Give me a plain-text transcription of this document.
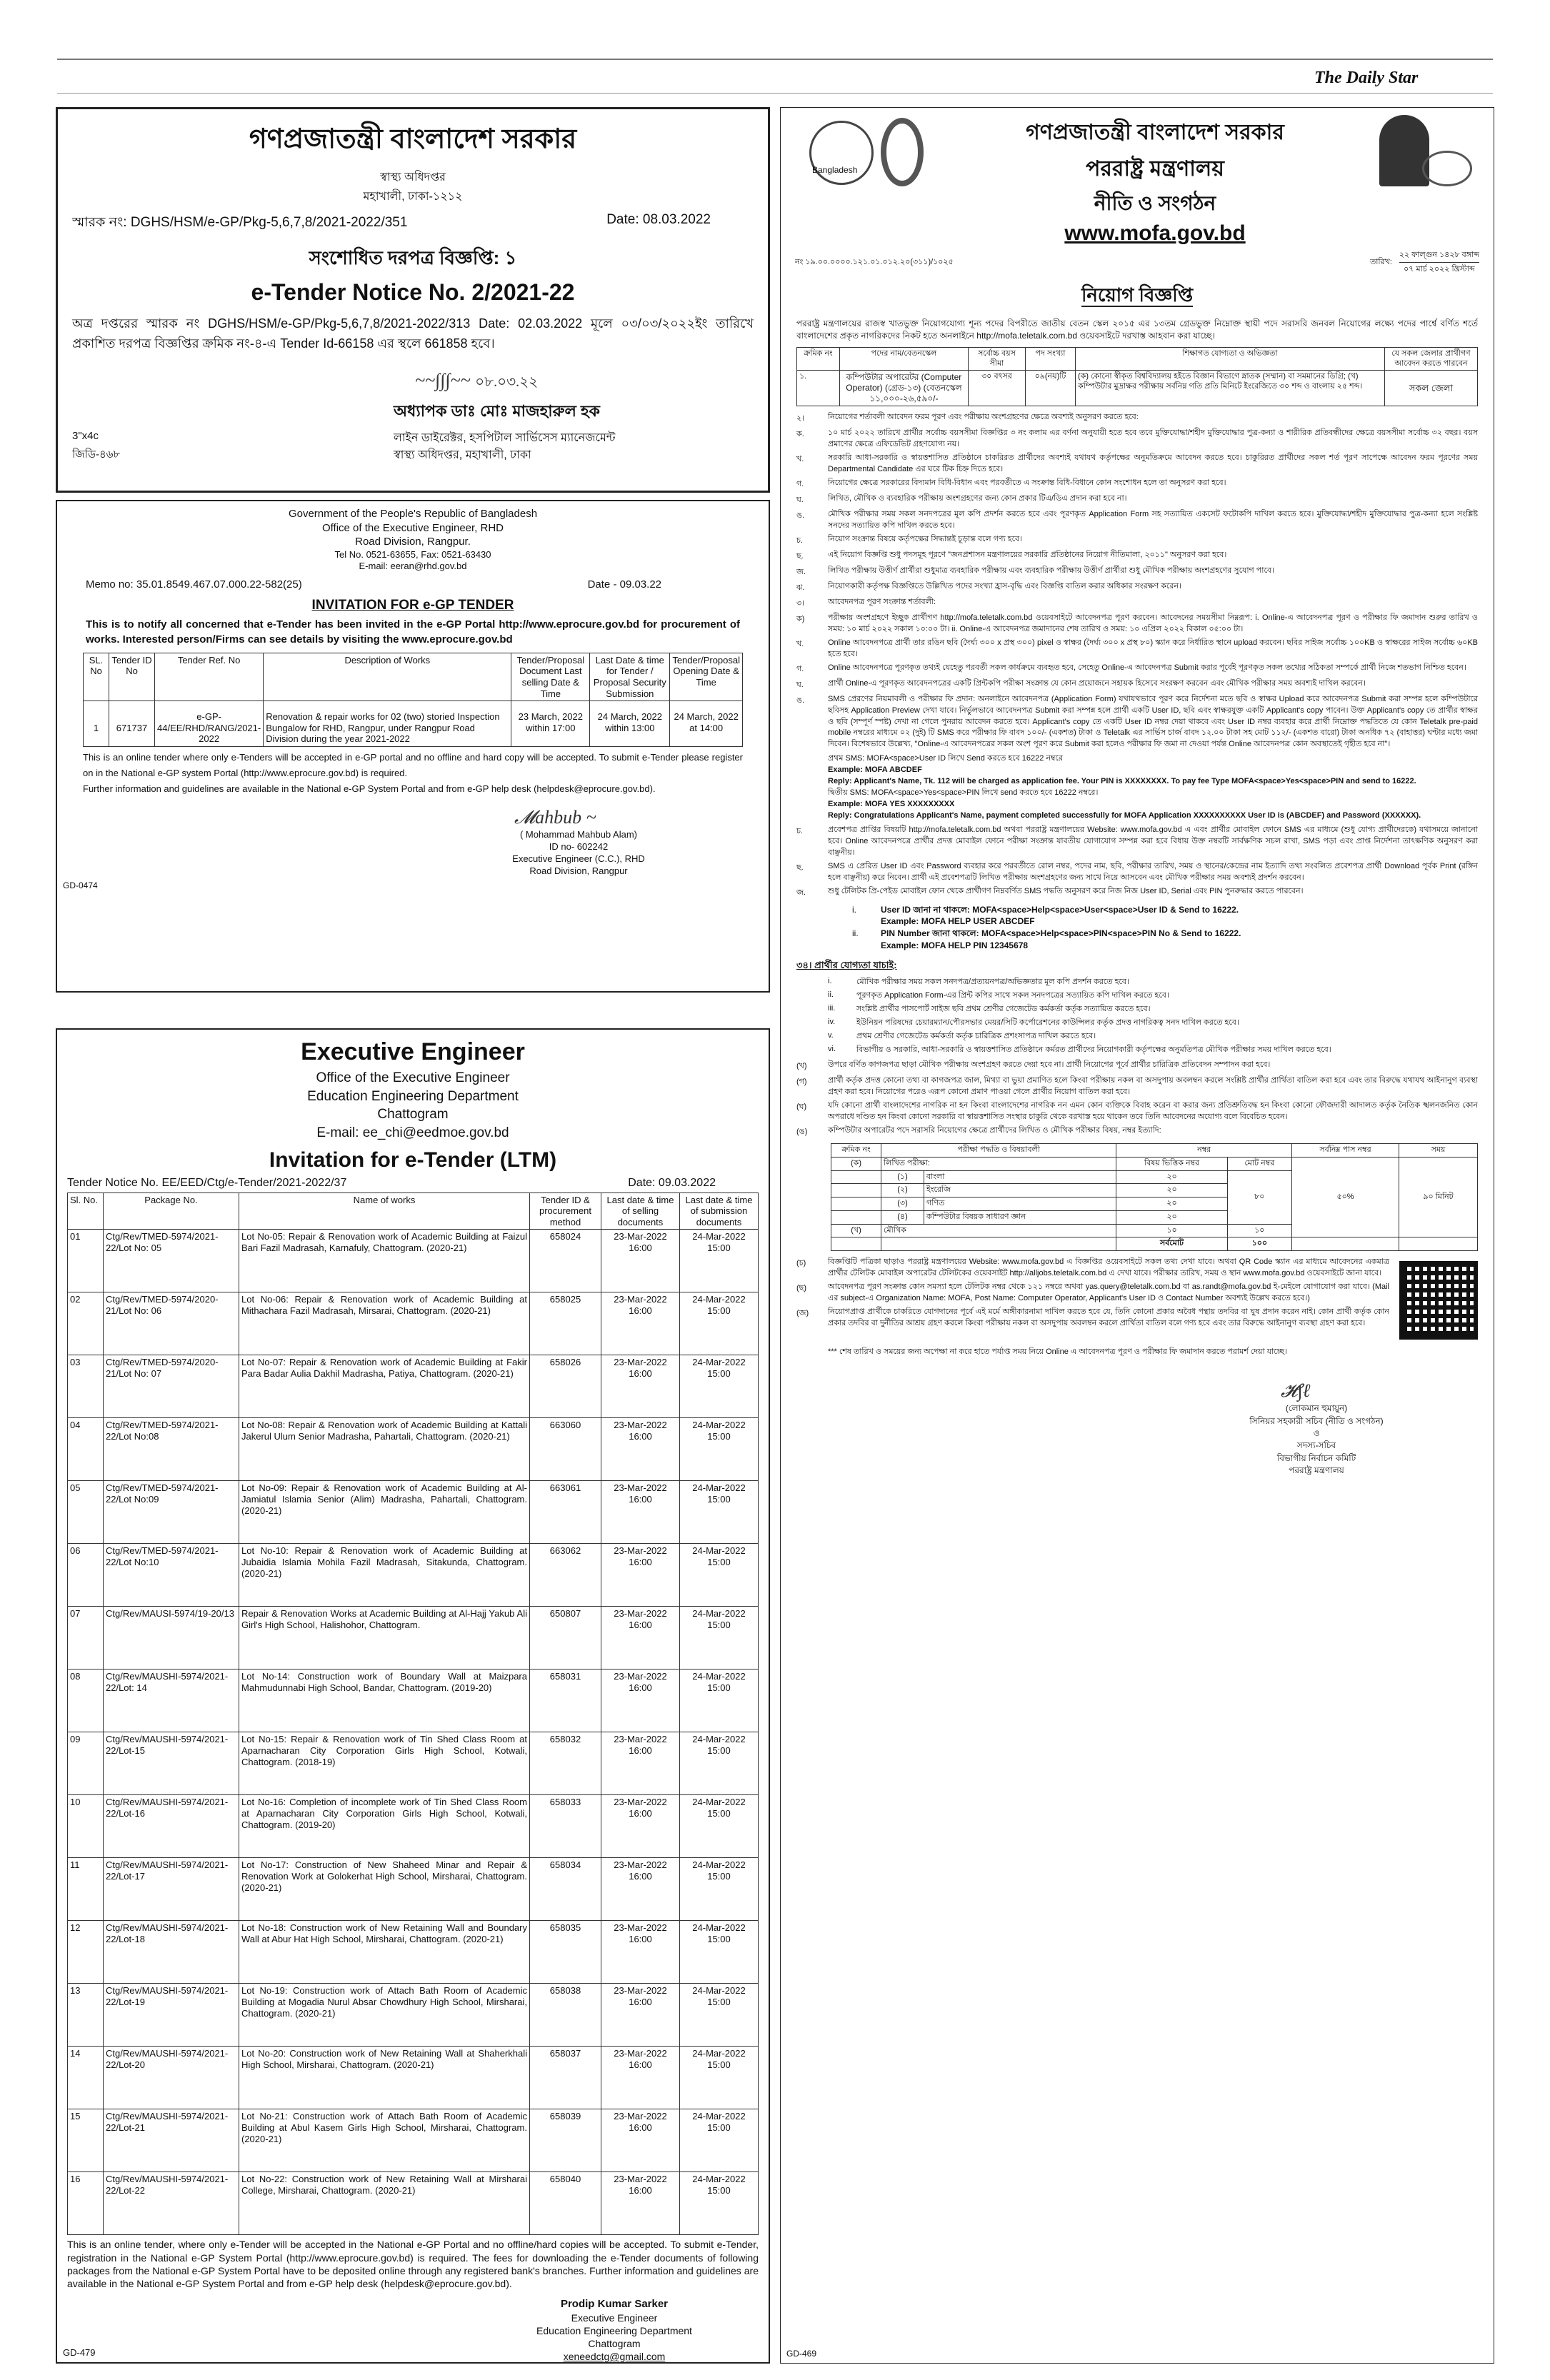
The Daily Star
গণপ্রজাতন্ত্রী বাংলাদেশ সরকার
স্বাস্থ্য অধিদপ্তর
মহাখালী, ঢাকা-১২১২
স্মারক নং: DGHS/HSM/e-GP/Pkg-5,6,7,8/2021-2022/351	Date: 08.03.2022
সংশোধিত দরপত্র বিজ্ঞপ্তি: ১
e-Tender Notice No. 2/2021-22
অত্র দপ্তরের স্মারক নং DGHS/HSM/e-GP/Pkg-5,6,7,8/2021-2022/313 Date: 02.03.2022 মূলে ০৩/০৩/২০২২ইং তারিখে প্রকাশিত দরপত্র বিজ্ঞপ্তির ক্রমিক নং-৪-এ Tender Id-66158 এর স্থলে 661858 হবে।
~~∫∫∫~~ ০৮.০৩.২২
অধ্যাপক ডাঃ মোঃ মাজহারুল হক
3"x4c
জিডি-৪৬৮
লাইন ডাইরেক্টর, হসপিটাল সার্ভিসেস ম্যানেজমেন্ট
স্বাস্থ্য অধিদপ্তর, মহাখালী, ঢাকা
Government of the People's Republic of Bangladesh
Office of the Executive Engineer, RHD
Road Division, Rangpur.
Tel No. 0521-63655, Fax: 0521-63430
E-mail: eeran@rhd.gov.bd
Memo no: 35.01.8549.467.07.000.22-582(25)	Date - 09.03.22
INVITATION FOR e-GP TENDER
This is to notify all concerned that e-Tender has been invited in the e-GP Portal http://www.eprocure.gov.bd for procurement of works. Interested person/Firms can see details by visiting the www.eprocure.gov.bd
SL. No	Tender ID No	Tender Ref. No	Description of Works	Tender/Proposal Document Last selling Date & Time	Last Date & time for Tender / Proposal Security Submission	Tender/Proposal Opening Date & Time
1	671737	e-GP-44/EE/RHD/RANG/2021-2022	Renovation & repair works for 02 (two) storied Inspection Bungalow for RHD, Rangpur, under Rangpur Road Division during the year 2021-2022	23 March, 2022 within 17:00	24 March, 2022 within 13:00	24 March, 2022 at 14:00
This is an online tender where only e-Tenders will be accepted in e-GP portal and no offline and hard copy will be accepted. To submit e-Tender please register on in the National e-GP system Portal (http://www.eprocure.gov.bd) is required.
Further information and guidelines are available in the National e-GP System Portal and from e-GP help desk (helpdesk@eprocure.gov.bd).
𝓜ahbub ~
( Mohammad Mahbub Alam)
ID no- 602242
Executive Engineer (C.C.), RHD
Road Division, Rangpur
GD-0474
Executive Engineer
Office of the Executive Engineer
Education Engineering Department
Chattogram
E-mail: ee_chi@eedmoe.gov.bd
Invitation for e-Tender (LTM)
Tender Notice No. EE/EED/Ctg/e-Tender/2021-2022/37	Date: 09.03.2022
Sl. No.	Package No.	Name of works	Tender ID & procurement method	Last date & time of selling documents	Last date & time of submission documents
01	Ctg/Rev/TMED-5974/2021-22/Lot No: 05	Lot No-05: Repair & Renovation work of Academic Building at Faizul Bari Fazil Madrasah, Karnafuly, Chattogram. (2020-21)	658024	23-Mar-2022 16:00	24-Mar-2022 15:00
02	Ctg/Rev/TMED-5974/2020-21/Lot No: 06	Lot No-06: Repair & Renovation work of Academic Building at Mithachara Fazil Madrasah, Mirsarai, Chattogram. (2020-21)	658025	23-Mar-2022 16:00	24-Mar-2022 15:00
03	Ctg/Rev/TMED-5974/2020-21/Lot No: 07	Lot No-07: Repair & Renovation work of Academic Building at Fakir Para Badar Aulia Dakhil Madrasha, Patiya, Chattogram. (2020-21)	658026	23-Mar-2022 16:00	24-Mar-2022 15:00
04	Ctg/Rev/TMED-5974/2021-22/Lot No:08	Lot No-08: Repair & Renovation work of Academic Building at Kattali Jakerul Ulum Senior Madrasha, Pahartali, Chattogram. (2020-21)	663060	23-Mar-2022 16:00	24-Mar-2022 15:00
05	Ctg/Rev/TMED-5974/2021-22/Lot No:09	Lot No-09: Repair & Renovation work of Academic Building at Al-Jamiatul Islamia Senior (Alim) Madrasha, Pahartali, Chattogram. (2020-21)	663061	23-Mar-2022 16:00	24-Mar-2022 15:00
06	Ctg/Rev/TMED-5974/2021-22/Lot No:10	Lot No-10: Repair & Renovation work of Academic Building at Jubaidia Islamia Mohila Fazil Madrasah, Sitakunda, Chattogram. (2020-21)	663062	23-Mar-2022 16:00	24-Mar-2022 15:00
07	Ctg/Rev/MAUSI-5974/19-20/13	Repair & Renovation Works at Academic Building at Al-Hajj Yakub Ali Girl's High School, Halishohor, Chattogram.	650807	23-Mar-2022 16:00	24-Mar-2022 15:00
08	Ctg/Rev/MAUSHI-5974/2021-22/Lot: 14	Lot No-14: Construction work of Boundary Wall at Maizpara Mahmudunnabi High School, Bandar, Chattogram. (2019-20)	658031	23-Mar-2022 16:00	24-Mar-2022 15:00
09	Ctg/Rev/MAUSHI-5974/2021-22/Lot-15	Lot No-15: Repair & Renovation work of Tin Shed Class Room at Aparnacharan City Corporation Girls High School, Kotwali, Chattogram. (2018-19)	658032	23-Mar-2022 16:00	24-Mar-2022 15:00
10	Ctg/Rev/MAUSHI-5974/2021-22/Lot-16	Lot No-16: Completion of incomplete work of Tin Shed Class Room at Aparnacharan City Corporation Girls High School, Kotwali, Chattogram. (2019-20)	658033	23-Mar-2022 16:00	24-Mar-2022 15:00
11	Ctg/Rev/MAUSHI-5974/2021-22/Lot-17	Lot No-17: Construction of New Shaheed Minar and Repair & Renovation Work at Golokerhat High School, Mirsharai, Chattogram. (2020-21)	658034	23-Mar-2022 16:00	24-Mar-2022 15:00
12	Ctg/Rev/MAUSHI-5974/2021-22/Lot-18	Lot No-18: Construction work of New Retaining Wall and Boundary Wall at Abur Hat High School, Mirsharai, Chattogram. (2020-21)	658035	23-Mar-2022 16:00	24-Mar-2022 15:00
13	Ctg/Rev/MAUSHI-5974/2021-22/Lot-19	Lot No-19: Construction work of Attach Bath Room of Academic Building at Mogadia Nurul Absar Chowdhury High School, Mirsharai, Chattogram. (2020-21)	658038	23-Mar-2022 16:00	24-Mar-2022 15:00
14	Ctg/Rev/MAUSHI-5974/2021-22/Lot-20	Lot No-20: Construction work of New Retaining Wall at Shaherkhali High School, Mirsharai, Chattogram. (2020-21)	658037	23-Mar-2022 16:00	24-Mar-2022 15:00
15	Ctg/Rev/MAUSHI-5974/2021-22/Lot-21	Lot No-21: Construction work of Attach Bath Room of Academic Building at Abul Kasem Girls High School, Mirsharai, Chattogram. (2020-21)	658039	23-Mar-2022 16:00	24-Mar-2022 15:00
16	Ctg/Rev/MAUSHI-5974/2021-22/Lot-22	Lot No-22: Construction work of New Retaining Wall at Mirsharai College, Mirsharai, Chattogram. (2020-21)	658040	23-Mar-2022 16:00	24-Mar-2022 15:00
This is an online tender, where only e-Tender will be accepted in the National e-GP Portal and no offline/hard copies will be accepted. To submit e-Tender, registration in the National e-GP System Portal (http://www.eprocure.gov.bd) is required. The fees for downloading the e-Tender documents of following packages from the National e-GP System Portal have to be deposited online through any registered bank's branches. Further information and guidelines are available in the National e-GP System Portal and from e-GP help desk (helpdesk@eprocure.gov.bd).
Prodip Kumar Sarker
Executive Engineer
Education Engineering Department
Chattogram
xeneedctg@gmail.com
GD-479
Bangladesh
গণপ্রজাতন্ত্রী বাংলাদেশ সরকার
পররাষ্ট্র মন্ত্রণালয়
নীতি ও সংগঠন
www.mofa.gov.bd
নং ১৯.০০.০০০০.১২১.০১.০১২.২০(৩১১)/১০২৫	তারিখ:
২২ ফাল্গুন ১৪২৮ বঙ্গাব্দ
০৭ মার্চ ২০২২ খ্রিস্টাব্দ
নিয়োগ বিজ্ঞপ্তি
পররাষ্ট্র মন্ত্রণালয়ের রাজস্ব খাতভুক্ত নিয়োগযোগ্য শূন্য পদের বিপরীতে জাতীয় বেতন স্কেল ২০১৫ এর ১৩তম গ্রেডভুক্ত নিম্নোক্ত স্থায়ী পদে সরাসরি জনবল নিয়োগের লক্ষ্যে পদের পার্শ্বে বর্ণিত শর্তে বাংলাদেশের প্রকৃত নাগরিকদের নিকট হতে অনলাইনে http://mofa.teletalk.com.bd ওয়েবসাইটে দরখাস্ত আহবান করা যাচ্ছে।
ক্রমিক নং	পদের নাম/বেতনস্কেল	সর্বোচ্চ বয়স সীমা	পদ সংখ্যা	শিক্ষাগত যোগ্যতা ও অভিজ্ঞতা	যে সকল জেলার প্রার্থীগণ আবেদন করতে পারবেন
১.	কম্পিউটার অপারেটর (Computer Operator) (গ্রেড-১৩) (বেতনস্কেল ১১,০০০-২৬,৫৯০/-	৩০ বৎসর	০৯(নয়)টি	(ক) কোনো স্বীকৃত বিশ্ববিদ্যালয় হইতে বিজ্ঞান বিভাগে স্নাতক (সম্মান) বা সমমানের ডিগ্রি; (খ) কম্পিউটার মুদ্রাক্ষর পরীক্ষায় সর্বনিম্ন গতি প্রতি মিনিটে ইংরেজিতে ৩০ শব্দ ও বাংলায় ২৫ শব্দ।	সকল জেলা
২।	নিয়োগের শর্তাবলী আবেদন ফরম পূরণ এবং পরীক্ষায় অংশগ্রহণের ক্ষেত্রে অবশ্যই অনুসরণ করতে হবে:
ক.	১০ মার্চ ২০২২ তারিখে প্রার্থীর সর্বোচ্চ বয়সসীমা বিজ্ঞপ্তির ৩ নং কলাম এর বর্ণনা অনুযায়ী হতে হবে তবে মুক্তিযোদ্ধা/শহীদ মুক্তিযোদ্ধার পুত্র-কন্যা ও শারীরিক প্রতিবন্ধীদের ক্ষেত্রে বয়সসীমা সর্বোচ্চ ৩২ বছর। বয়স প্রমাণের ক্ষেত্রে এফিডেভিট গ্রহণযোগ্য নয়।
খ.	সরকারি আধা-সরকারি ও স্বায়ত্তশাসিত প্রতিষ্ঠানে চাকরিরত প্রার্থীদের অবশ্যই যথাযথ কর্তৃপক্ষের অনুমতিক্রমে আবেদন করতে হবে। চাকুরিরত প্রার্থীদের সকল শর্ত পূরণ সাপেক্ষে আবেদন ফরম পূরণের সময় Departmental Candidate এর ঘরে টিক চিহ্ন দিতে হবে।
গ.	নিয়োগের ক্ষেত্রে সরকারের বিদ্যমান বিধি-বিধান এবং পরবর্তীতে এ সংক্রান্ত বিধি-বিধানে কোন সংশোধন হলে তা অনুসরণ করা হবে।
ঘ.	লিখিত, মৌখিক ও ব্যবহারিক পরীক্ষায় অংশগ্রহণের জন্য কোন প্রকার টিএ/ডিএ প্রদান করা হবে না।
ঙ.	মৌখিক পরীক্ষার সময় সকল সনদপত্রের মূল কপি প্রদর্শন করতে হবে এবং পূরণকৃত Application Form সহ সত্যায়িত একসেট ফটোকপি দাখিল করতে হবে। মুক্তিযোদ্ধা/শহীদ মুক্তিযোদ্ধার পুত্র-কন্যা হলে সংশ্লিষ্ট সনদের সত্যায়িত কপি দাখিল করতে হবে।
চ.	নিয়োগ সংক্রান্ত বিষয়ে কর্তৃপক্ষের সিদ্ধান্তই চূড়ান্ত বলে গণ্য হবে।
ছ.	এই নিয়োগ বিজ্ঞপ্তি শুধু পদসমূহ পূরণে "জনপ্রশাসন মন্ত্রণালয়ের সরকারি প্রতিষ্ঠানের নিয়োগ নীতিমালা, ২০১১" অনুসরণ করা হবে।
জ.	লিখিত পরীক্ষায় উত্তীর্ণ প্রার্থীরা শুধুমাত্র ব্যবহারিক পরীক্ষায় এবং ব্যবহারিক পরীক্ষায় উত্তীর্ণ প্রার্থীরা শুধু মৌখিক পরীক্ষায় অংশগ্রহণের সুযোগ পাবে।
ঝ.	নিয়োগকারী কর্তৃপক্ষ বিজ্ঞপ্তিতে উল্লিখিত পদের সংখ্যা হ্রাস-বৃদ্ধি এবং বিজ্ঞপ্তি বাতিল করার অধিকার সংরক্ষণ করেন।
৩।	আবেদনপত্র পূরণ সংক্রান্ত শর্তাবলী:
ক)	পরীক্ষায় অংশগ্রহণে ইচ্ছুক প্রার্থীগণ http://mofa.teletalk.com.bd ওয়েবসাইটে আবেদনপত্র পূরণ করবেন। আবেদনের সময়সীমা নিম্নরূপ: i. Online-এ আবেদনপত্র পূরণ ও পরীক্ষার ফি জমাদান শুরুর তারিখ ও সময়: ১০ মার্চ ২০২২ সকাল ১০:০০ টা। ii. Online-এ আবেদনপত্র জমাদানের শেষ তারিখ ও সময়: ১০ এপ্রিল ২০২২ বিকাল ০৫:০০ টা।
খ.	Online আবেদনপত্রে প্রার্থী তার রঙিন ছবি (দৈর্ঘ্য ৩০০ x প্রস্থ ৩০০) pixel ও স্বাক্ষর (দৈর্ঘ্য ৩০০ x প্রস্থ ৮০) স্ক্যান করে নির্ধারিত স্থানে upload করবেন। ছবির সাইজ সর্বোচ্চ ১০০KB ও স্বাক্ষরের সাইজ সর্বোচ্চ ৬০KB হতে হবে।
গ.	Online আবেদনপত্রে পূরণকৃত তথ্যই যেহেতু পরবর্তী সকল কার্যক্রমে ব্যবহৃত হবে, সেহেতু Online-এ আবেদনপত্র Submit করার পূর্বেই পূরণকৃত সকল তথ্যের সঠিকতা সম্পর্কে প্রার্থী নিজে শতভাগ নিশ্চিত হবেন।
ঘ.	প্রার্থী Online-এ পূরণকৃত আবেদনপত্রের একটি প্রিন্টকপি পরীক্ষা সংক্রান্ত যে কোন প্রয়োজনে সহায়ক হিসেবে সংরক্ষণ করবেন এবং মৌখিক পরীক্ষার সময় অবশ্যই দাখিল করবেন।
ঙ.	SMS প্রেরণের নিয়মাবলী ও পরীক্ষার ফি প্রদান: অনলাইনে আবেদনপত্র (Application Form) যথাযথভাবে পূরণ করে নির্দেশনা মতে ছবি ও স্বাক্ষর Upload করে আবেদনপত্র Submit করা সম্পন্ন হলে কম্পিউটারে ছবিসহ Application Preview দেখা যাবে। নির্ভুলভাবে আবেদনপত্র Submit করা সম্পন্ন হলে প্রার্থী একটি User ID, ছবি এবং স্বাক্ষরযুক্ত একটি Applicant's copy পাবেন। উক্ত Applicant's copy তে প্রার্থীর স্বাক্ষর ও ছবি (সম্পূর্ণ স্পষ্ট) দেখা না গেলে পুনরায় আবেদন করতে হবে। Applicant's copy তে একটি User ID নম্বর দেয়া থাকবে এবং User ID নম্বর ব্যবহার করে প্রার্থী নিম্নোক্ত পদ্ধতিতে যে কোন Teletalk pre-paid mobile নম্বরের মাধ্যমে ০২ (দুই) টি SMS করে পরীক্ষার ফি বাবদ ১০০/- (একশত) টাকা ও Teletalk এর সার্ভিস চার্জ বাবদ ১২.০০ টাকা সহ মোট ১১২/- (একশত বারো) টাকা অনধিক ৭২ (বাহাত্তর) ঘণ্টার মধ্যে জমা দিবেন। বিশেষভাবে উল্লেখ্য, "Online-এ আবেদনপত্রের সকল অংশ পূরণ করে Submit করা হলেও পরীক্ষার ফি জমা না দেওয়া পর্যন্ত Online আবেদনপত্র কোন অবস্থাতেই গৃহীত হবে না"।
প্রথম SMS: MOFA<space>User ID লিখে Send করতে হবে 16222 নম্বরে
Example: MOFA ABCDEF
Reply: Applicant's Name, Tk. 112 will be charged as application fee. Your PIN is XXXXXXXX. To pay fee Type MOFA<space>Yes<space>PIN and send to 16222.
দ্বিতীয় SMS: MOFA<space>Yes<space>PIN লিখে send করতে হবে 16222 নম্বরে।
Example: MOFA YES XXXXXXXXX
Reply: Congratulations Applicant's Name, payment completed successfully for MOFA Application XXXXXXXXXX User ID is (ABCDEF) and Password (XXXXXX).
চ.	প্রবেশপত্র প্রাপ্তির বিষয়টি http://mofa.teletalk.com.bd অথবা পররাষ্ট্র মন্ত্রণালয়ের Website: www.mofa.gov.bd এ এবং প্রার্থীর মোবাইল ফোনে SMS এর মাধ্যমে (শুধু যোগ্য প্রার্থীদেরকে) যথাসময়ে জানানো হবে। Online আবেদনপত্রে প্রার্থীর প্রদত্ত মোবাইল ফোনে পরীক্ষা সংক্রান্ত যাবতীয় যোগাযোগ সম্পন্ন করা হবে বিধায় উক্ত নম্বরটি সার্বক্ষণিক সচল রাখা, SMS পড়া এবং প্রাপ্ত নির্দেশনা তাৎক্ষণিক অনুসরণ করা বাঞ্ছনীয়।
ছ.	SMS এ প্রেরিত User ID এবং Password ব্যবহার করে পরবর্তীতে রোল নম্বর, পদের নাম, ছবি, পরীক্ষার তারিখ, সময় ও স্থানের/কেন্দ্রের নাম ইত্যাদি তথ্য সংবলিত প্রবেশপত্র প্রার্থী Download পূর্বক Print (রঙ্গিন হলে বাঞ্ছনীয়) করে নিবেন। প্রার্থী এই প্রবেশপত্রটি লিখিত পরীক্ষায় অংশগ্রহণের জন্য সাথে নিয়ে আসবেন এবং মৌখিক পরীক্ষার সময় অবশ্যই প্রদর্শন করবেন।
জ.	শুধু টেলিটক প্রি-পেইড মোবাইল ফোন থেকে প্রার্থীগণ নিম্নবর্ণিত SMS পদ্ধতি অনুসরণ করে নিজ নিজ User ID, Serial এবং PIN পুনরুদ্ধার করতে পারবেন।
i.	User ID জানা না থাকলে: MOFA<space>Help<space>User<space>User ID & Send to 16222.
Example: MOFA HELP USER ABCDEF
ii.	PIN Number জানা থাকলে: MOFA<space>Help<space>PIN<space>PIN No & Send to 16222.
Example: MOFA HELP PIN 12345678
৩৪। প্রার্থীর যোগ্যতা যাচাই:
i.	মৌখিক পরীক্ষার সময় সকল সনদপত্র/প্রত্যয়নপত্র/অভিজ্ঞতার মূল কপি প্রদর্শন করতে হবে।
ii.	পূরণকৃত Application Form-এর প্রিন্ট কপির সাথে সকল সনদপত্রের সত্যায়িত কপি দাখিল করতে হবে।
iii.	সংশ্লিষ্ট প্রার্থীর পাসপোর্ট সাইজ ছবি প্রথম শ্রেণীর গেজেটেড কর্মকর্তা কর্তৃক সত্যায়িত করতে হবে।
iv.	ইউনিয়ন পরিষদের চেয়ারম্যান/পৌরসভার মেয়র/সিটি কর্পোরেশনের কাউন্সিলর কর্তৃক প্রদত্ত নাগরিকত্ব সনদ দাখিল করতে হবে।
v.	প্রথম শ্রেণীর গেজেটেড কর্মকর্তা কর্তৃক চারিত্রিক প্রশংসাপত্র দাখিল করতে হবে।
vi.	বিভাগীয় ও সরকারি, আধা-সরকারি ও স্বায়ত্তশাসিত প্রতিষ্ঠানে কর্মরত প্রার্থীদের নিয়োগকারী কর্তৃপক্ষের অনুমতিপত্র মৌখিক পরীক্ষার সময় দাখিল করতে হবে।
(খ)	উপরে বর্ণিত কাগজপত্র ছাড়া মৌখিক পরীক্ষায় অংশগ্রহণ করতে দেয়া হবে না। প্রার্থী নিয়োগের পূর্বে প্রার্থীর চারিত্রিক প্রতিবেদন সম্পাদন করা হবে।
(গ)	প্রার্থী কর্তৃক প্রদত্ত কোনো তথ্য বা কাগজপত্র জাল, মিথ্যা বা ভুয়া প্রমাণিত হলে কিংবা পরীক্ষায় নকল বা অসদুপায় অবলম্বন করলে সংশ্লিষ্ট প্রার্থীর প্রার্থিতা বাতিল করা হবে এবং তার বিরুদ্ধে যথাযথ আইনানুগ ব্যবস্থা গ্রহণ করা হবে। নিয়োগের পরেও এরূপ কোনো প্রমাণ পাওয়া গেলে প্রার্থীর নিয়োগ বাতিল করা হবে।
(ঘ)	যদি কোনো প্রার্থী বাংলাদেশের নাগরিক না হন কিংবা বাংলাদেশের নাগরিক নন এমন কোন ব্যক্তিকে বিবাহ করেন বা করার জন্য প্রতিশ্রুতিবদ্ধ হন কিংবা কোনো ফৌজদারী আদালত কর্তৃক নৈতিক স্খলনজনিত কোন অপরাধে দণ্ডিত হন কিংবা কোনো সরকারি বা স্বায়ত্তশাসিত সংস্থার চাকুরি থেকে বরখাস্ত হয়ে থাকেন তবে তিনি আবেদনের অযোগ্য বলে বিবেচিত হবেন।
(ঙ)	কম্পিউটার অপারেটর পদে সরাসরি নিয়োগের ক্ষেত্রে প্রার্থীদের লিখিত ও মৌখিক পরীক্ষার বিষয়, নম্বর ইত্যাদি:
ক্রমিক নং	পরীক্ষা পদ্ধতি ও বিষয়াবলী		নম্বর		সর্বনিম্ন পাস নম্বর	সময়
(ক)	লিখিত পরীক্ষা:		বিষয় ভিত্তিক নম্বর	মোট নম্বর	৫০%	৯০ মিনিট
	(১)	বাংলা	২০	৮০		
	(২)	ইংরেজি	২০			
	(৩)	গণিত	২০			
	(৪)	কম্পিউটার বিষয়ক সাধারণ জ্ঞান	২০			
(খ)	মৌখিক		১০	১০		
			সর্বমোট	১০০		
(চ)	বিজ্ঞপ্তিটি পত্রিকা ছাড়াও পররাষ্ট্র মন্ত্রণালয়ের Website: www.mofa.gov.bd এ বিজ্ঞপ্তির ওয়েবসাইটে সকল তথ্য দেখা যাবে। অথবা QR Code স্ক্যান এর মাধ্যমে আবেদনের একমাত্র প্রার্থীর টেলিটক মোবাইল অপারেটর টেলিটকের ওয়েবসাইট http://alljobs.teletalk.com.bd এ দেখা যাবে। পরীক্ষার তারিখ, সময় ও স্থান www.mofa.gov.bd ওয়েবসাইটে জানা যাবে।
(ছ)	আবেদনপত্র পূরণ সংক্রান্ত কোন সমস্যা হলে টেলিটক নম্বর থেকে ১২১ নম্বরে অথবা yas.query@teletalk.com.bd বা as.randt@mofa.gov.bd ই-মেইলে যোগাযোগ করা যাবে। (Mail এর subject-এ Organization Name: MOFA, Post Name: Computer Operator, Applicant's User ID ও Contact Number অবশ্যই উল্লেখ করতে হবে।)
(জ)	নিয়োগপ্রাপ্ত প্রার্থীকে চাকরিতে যোগদানের পূর্বে এই মর্মে অঙ্গীকারনামা দাখিল করতে হবে যে, তিনি কোনো প্রকার অবৈধ পন্থায় তদবির বা ঘুষ প্রদান করেন নাই। কোন প্রার্থী কর্তৃক কোন প্রকার তদবির বা দুর্নীতির আশ্রয় গ্রহণ করলে কিংবা পরীক্ষায় নকল বা অসদুপায় অবলম্বন করলে প্রার্থিতা বাতিল বলে গণ্য হবে এবং তার বিরুদ্ধে আইনানুগ ব্যবস্থা গ্রহণ করা হবে।
*** শেষ তারিখ ও সময়ের জন্য অপেক্ষা না করে হাতে পর্যাপ্ত সময় নিয়ে Online এ আবেদনপত্র পূরণ ও পরীক্ষার ফি জমাদান করতে পরামর্শ দেয়া যাচ্ছে।
𝓗∫ℓ
(লোকমান হুমায়ুন)
সিনিয়র সহকারী সচিব (নীতি ও সংগঠন)
ও
সদস্য-সচিব
বিভাগীয় নির্বাচন কমিটি
পররাষ্ট্র মন্ত্রণালয়
GD-469
